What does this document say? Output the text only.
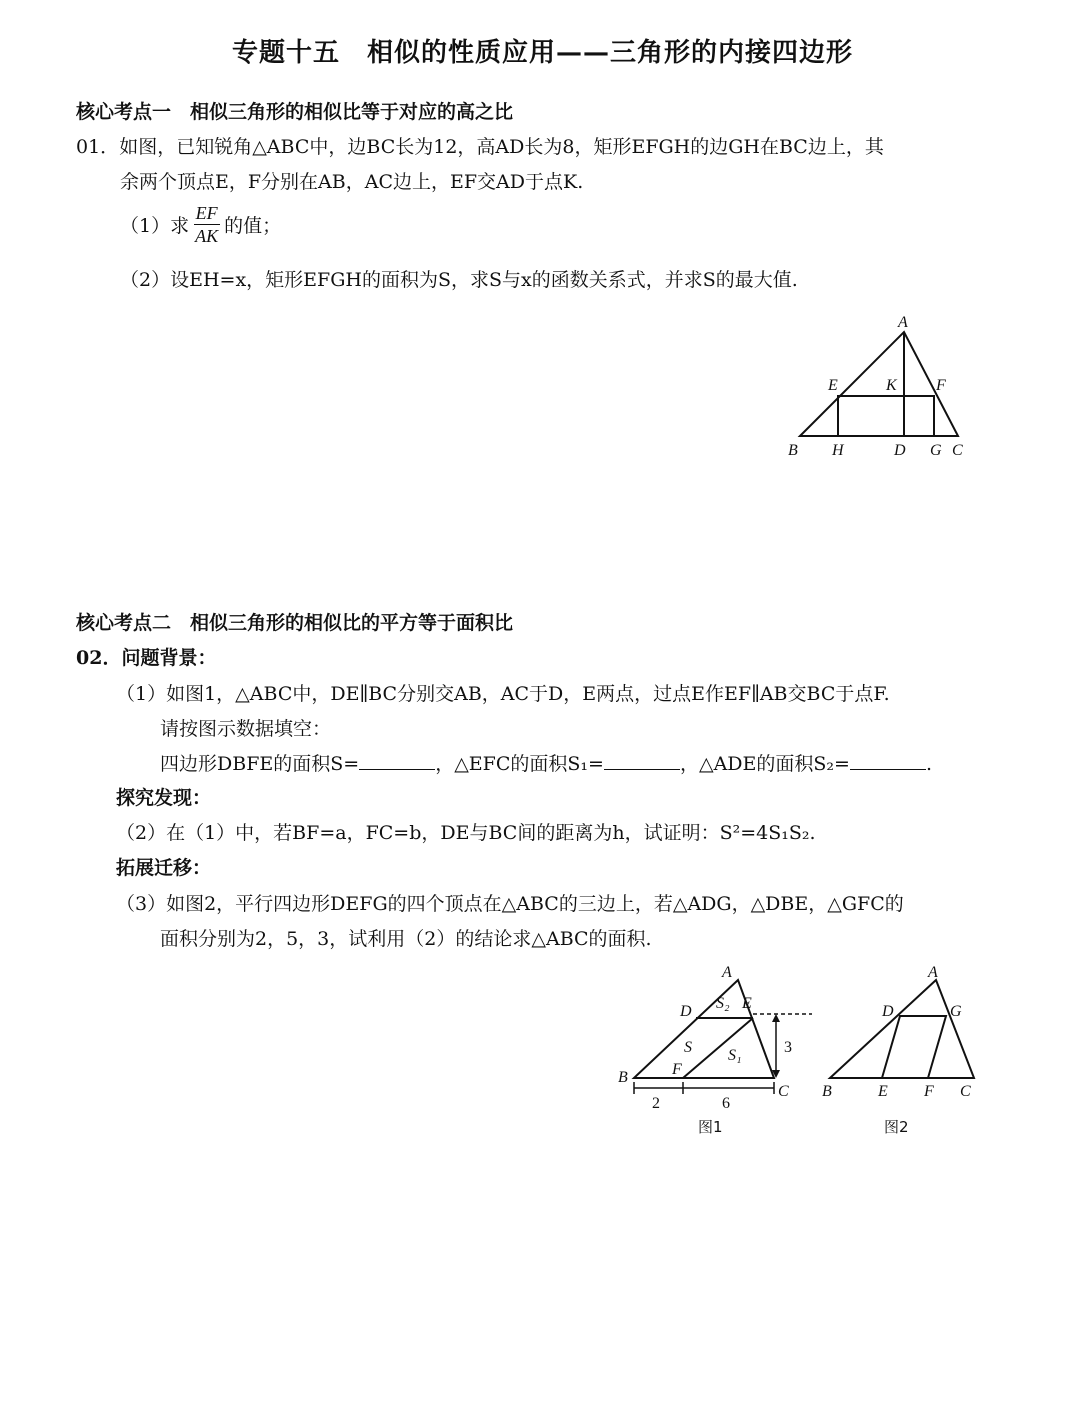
专题十五　相似的性质应用——三角形的内接四边形
核心考点一　相似三角形的相似比等于对应的高之比
01．如图，已知锐角△ABC中，边BC长为12，高AD长为8，矩形EFGH的边GH在BC边上，其
余两个顶点E，F分别在AB，AC边上，EF交AD于点K.
（1）求 $\frac{EF}{AK}$ 的值；
（2）设EH=x，矩形EFGH的面积为S，求S与x的函数关系式，并求S的最大值.
A
E	K F
B H	D G C
核心考点二　相似三角形的相似比的平方等于面积比
02．问题背景：
（1）如图1，△ABC中，DE∥BC分别交AB，AC于D，E两点，过点E作EF∥AB交BC于点F.
请按图示数据填空：
四边形DBFE的面积S=	，△EFC的面积S₁=	，△ADE的面积S₂=	.
探究发现：
（2）在（1）中，若BF=a，FC=b，DE与BC间的距离为h，试证明：S²=4S₁S₂.
拓展迁移：
（3）如图2，平行四边形DEFG的四个顶点在△ABC的三边上，若△ADG，△DBE，△GFC的
面积分别为2，5，3，试利用（2）的结论求△ABC的面积.
A
D S₂ E
S S₁	3
B	F
C
2	6
图1
A
D	G
B	E F C
图2
